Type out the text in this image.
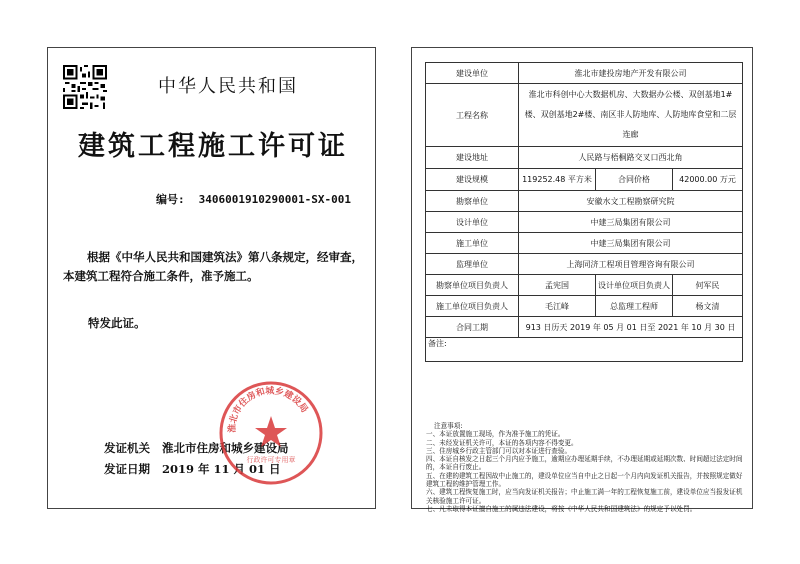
中华人民共和国
建筑工程施工许可证
编号: 3406001910290001-SX-001
根据《中华人民共和国建筑法》第八条规定，经审查，本建筑工程符合施工条件，准予施工。
特发此证。
发证机关 淮北市住房和城乡建设局
发证日期 2019 年 11 月 01 日
淮北市住房和城乡建设局
行政许可专用章
建设单位	淮北市建投房地产开发有限公司		
工程名称	淮北市科创中心大数据机房、大数据办公楼、双创基地1#楼、双创基地2#楼、南区非人防地库、人防地库食堂和二层连廊		
建设地址	人民路与梧桐路交叉口西北角		
建设规模	119252.48 平方米	合同价格	42000.00 万元
勘察单位	安徽水文工程勘察研究院		
设计单位	中建三局集团有限公司		
施工单位	中建三局集团有限公司		
监理单位	上海同济工程项目管理咨询有限公司		
勘察单位项目负责人	孟宪国	设计单位项目负责人	何军民
施工单位项目负责人	毛江峰	总监理工程师	杨文清
合同工期	913 日历天 2019 年 05 月 01 日至 2021 年 10 月 30 日		
备注:			
注意事项:
一、本证放置施工现场，作为准予施工的凭证。
二、未经发证机关许可，本证的各项内容不得变更。
三、住房城乡行政主管部门可以对本证进行查验。
四、本证自核发之日起三个月内应予施工，逾期应办理延期手续，不办理延期或延期次数、时间超过法定时间的，本证自行废止。
五、在建的建筑工程因故中止施工的，建设单位应当自中止之日起一个月内向发证机关报告，并按照规定做好建筑工程的维护管理工作。
六、建筑工程恢复施工时，应当向发证机关报告；中止施工满一年的工程恢复施工前，建设单位应当报发证机关核验施工许可证。
七、凡未取得本证擅自施工的属违法建设，将按《中华人民共和国建筑法》的规定予以处罚。
